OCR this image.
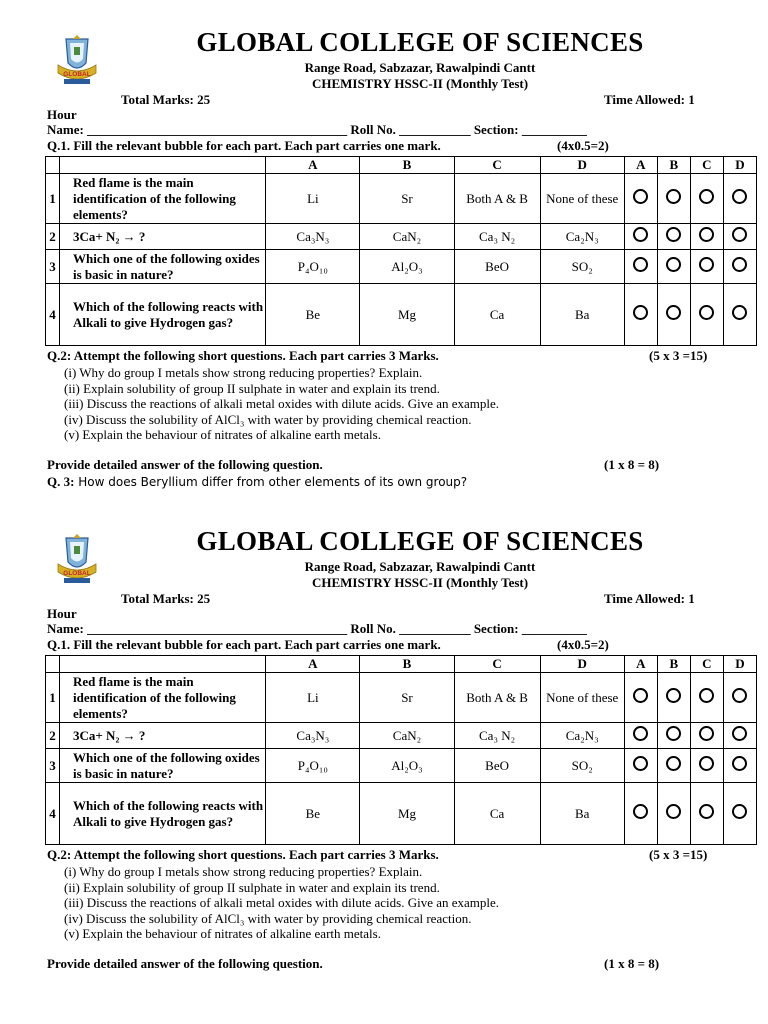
GLOBAL
GLOBAL COLLEGE OF SCIENCES
Range Road, Sabzazar, Rawalpindi Cantt
CHEMISTRY HSSC-II (Monthly Test)
Total Marks: 25	Time Allowed: 1
Hour
Name: ________________________________________ Roll No. ___________ Section: __________
Q.1. Fill the relevant bubble for each part. Each part carries one mark.	(4x0.5=2)
		A	B	C	D	A	B	C	D
1	Red flame is the main identification of the following elements?	Li	Sr	Both A & B	None of these				
2	3Ca+ N₂ → ?	Ca₃N₃	CaN₂	Ca₃ N₂	Ca₂N₃				
3	Which one of the following oxides is basic in nature?	P₄O₁₀	Al₂O₃	BeO	SO₂				
4	Which of the following reacts with Alkali to give Hydrogen gas?	Be	Mg	Ca	Ba				
Q.2: Attempt the following short questions. Each part carries 3 Marks.	(5 x 3 =15)
(i) Why do group I metals show strong reducing properties? Explain.
(ii) Explain solubility of group II sulphate in water and explain its trend.
(iii) Discuss the reactions of alkali metal oxides with dilute acids. Give an example.
(iv) Discuss the solubility of AlCl₃ with water by providing chemical reaction.
(v) Explain the behaviour of nitrates of alkaline earth metals.
Provide detailed answer of the following question.	(1 x 8 = 8)
Q. 3: How does Beryllium differ from other elements of its own group?
GLOBAL
GLOBAL COLLEGE OF SCIENCES
Range Road, Sabzazar, Rawalpindi Cantt
CHEMISTRY HSSC-II (Monthly Test)
Total Marks: 25	Time Allowed: 1
Hour
Name: ________________________________________ Roll No. ___________ Section: __________
Q.1. Fill the relevant bubble for each part. Each part carries one mark.	(4x0.5=2)
		A	B	C	D	A	B	C	D
1	Red flame is the main identification of the following elements?	Li	Sr	Both A & B	None of these				
2	3Ca+ N₂ → ?	Ca₃N₃	CaN₂	Ca₃ N₂	Ca₂N₃				
3	Which one of the following oxides is basic in nature?	P₄O₁₀	Al₂O₃	BeO	SO₂				
4	Which of the following reacts with Alkali to give Hydrogen gas?	Be	Mg	Ca	Ba				
Q.2: Attempt the following short questions. Each part carries 3 Marks.	(5 x 3 =15)
(i) Why do group I metals show strong reducing properties? Explain.
(ii) Explain solubility of group II sulphate in water and explain its trend.
(iii) Discuss the reactions of alkali metal oxides with dilute acids. Give an example.
(iv) Discuss the solubility of AlCl₃ with water by providing chemical reaction.
(v) Explain the behaviour of nitrates of alkaline earth metals.
Provide detailed answer of the following question.	(1 x 8 = 8)
